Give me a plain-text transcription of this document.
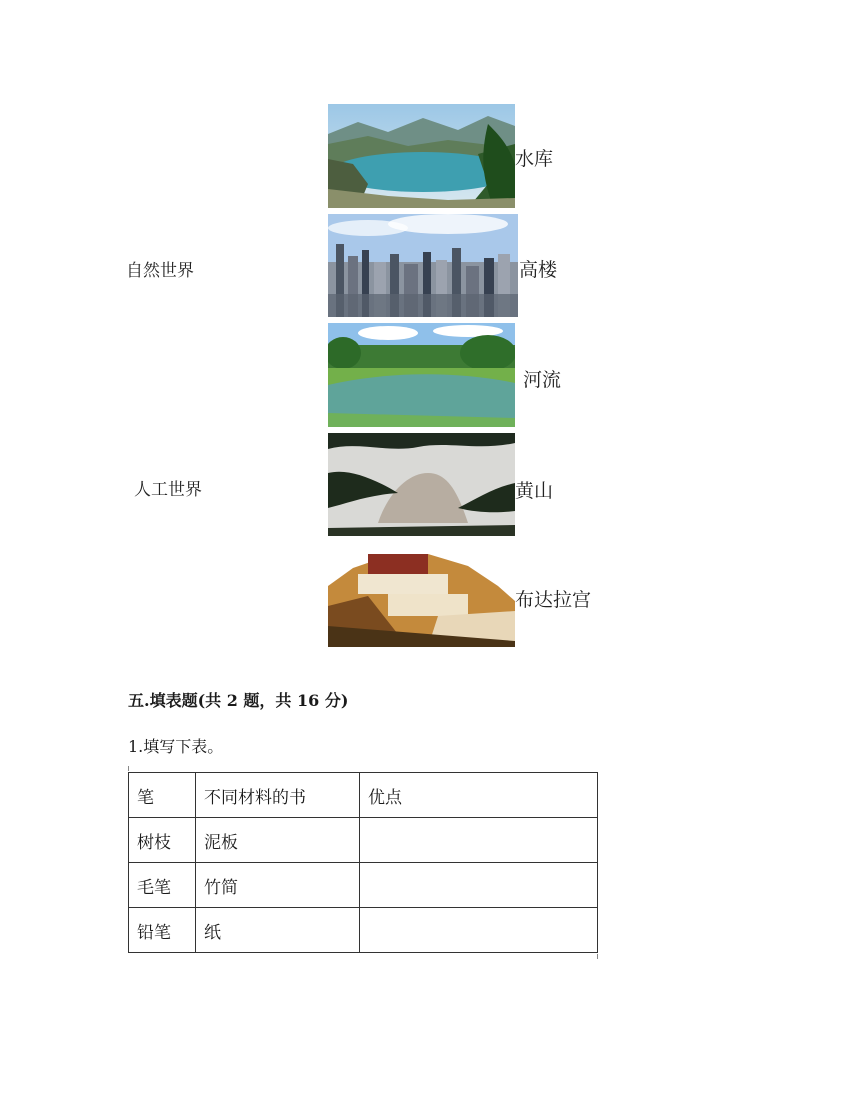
自然世界
人工世界
水库
高楼
河流
黄山
布达拉宫
五.填表题(共 2 题，共 16 分)
1.填写下表。
笔	不同材料的书	优点
树枝	泥板	
毛笔	竹简	
铅笔	纸	
